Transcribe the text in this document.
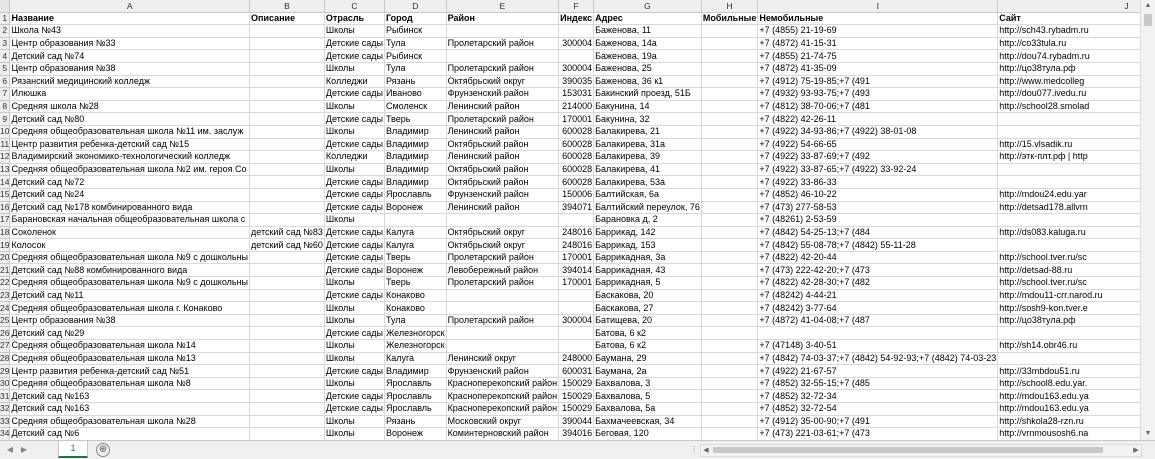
	A	B	C	D	E	F	G	H	I	J			
1	Название	Описание	Отрасль	Город	Район	Индекс	Адрес	Мобильные	Немобильные	Сайт			
2	Школа №43		Школы	Рыбинск			Баженова, 11		+7 (4855) 21-19-69	http://sch43.rybadm.ru			
3	Центр образования №33		Детские сады	Тула	Пролетарский район	300004	Баженова, 14а		+7 (4872) 41-15-31	http://co33tula.ru			
4	Детский сад №74		Детские сады	Рыбинск			Баженова, 19а		+7 (4855) 21-74-75	http://dou74.rybadm.ru			
5	Центр образования №38		Школы	Тула	Пролетарский район	300004	Баженова, 25		+7 (4872) 41-35-09	http://цо38тула.рф			
6	Рязанский медицинский колледж		Колледжи	Рязань	Октябрьский округ	390035	Баженова, 36 к1		+7 (4912) 75-19-85;+7 (491	http://www.medcolleg			
7	Илюшка		Детские сады	Иваново	Фрунзенский район	153031	Бакинский проезд, 51Б		+7 (4932) 93-93-75;+7 (493	http://dou077.ivedu.ru			
8	Средняя школа №28		Школы	Смоленск	Ленинский район	214000	Бакунина, 14		+7 (4812) 38-70-06;+7 (481	http://school28.smolad			
9	Детский сад №80		Детские сады	Тверь	Пролетарский район	170001	Бакунина, 32		+7 (4822) 42-26-11				
10	Средняя общеобразовательная школа №11 им. заслуж		Школы	Владимир	Ленинский район	600028	Балакирева, 21		+7 (4922) 34-93-86;+7 (4922) 38-01-08				
11	Центр развития ребенка-детский сад №15		Детские сады	Владимир	Октябрьский район	600028	Балакирева, 31а		+7 (4922) 54-66-65	http://15.vlsadik.ru			
12	Владимирский экономико-технологический колледж		Колледжи	Владимир	Ленинский район	600028	Балакирева, 39		+7 (4922) 33-87-69;+7 (492	http://этк-плт.рф | http			
13	Средняя общеобразовательная школа №2 им. героя Со		Школы	Владимир	Октябрьский район	600028	Балакирева, 41		+7 (4922) 33-87-65;+7 (4922) 33-92-24				
14	Детский сад №72		Детские сады	Владимир	Октябрьский район	600028	Балакирева, 53а		+7 (4922) 33-86-33				
15	Детский сад №24		Детские сады	Ярославль	Фрунзенский район	150006	Балтийская, 6а		+7 (4852) 46-10-22	http://mdou24.edu.yar			
16	Детский сад №178 комбинированного вида		Детские сады	Воронеж	Ленинский район	394071	Балтийский переулок, 76		+7 (473) 277-58-53	http://detsad178.allvrn			
17	Барановская начальная общеобразовательная школа с		Школы				Барановка д, 2		+7 (48261) 2-53-59				
18	Соколенок	детский сад №83	Детские сады	Калуга	Октябрьский округ	248016	Баррикад, 142		+7 (4842) 54-25-13;+7 (484	http://ds083.kaluga.ru			
19	Колосок	детский сад №60	Детские сады	Калуга	Октябрьский округ	248016	Баррикад, 153		+7 (4842) 55-08-78;+7 (4842) 55-11-28				
20	Средняя общеобразовательная школа №9 с дошкольны		Детские сады	Тверь	Пролетарский район	170001	Баррикадная, 3а		+7 (4822) 42-20-44	http://school.tver.ru/sc			
21	Детский сад №88 комбинированного вида		Детские сады	Воронеж	Левобережный район	394014	Баррикадная, 43		+7 (473) 222-42-20;+7 (473	http://detsad-88.ru			
22	Средняя общеобразовательная школа №9 с дошкольны		Школы	Тверь	Пролетарский район	170001	Баррикадная, 5		+7 (4822) 42-28-30;+7 (482	http://school.tver.ru/sc			
23	Детский сад №11		Детские сады	Конаково			Баскакова, 20		+7 (48242) 4-44-21	http://mdou11-crr.narod.ru			
24	Средняя общеобразовательная школа г. Конаково		Школы	Конаково			Баскакова, 27		+7 (48242) 3-77-64	http://sosh9-kon.tver.e			
25	Центр образования №38		Школы	Тула	Пролетарский район	300004	Батищева, 20		+7 (4872) 41-04-08;+7 (487	http://цо38тула.рф			
26	Детский сад №29		Детские сады	Железногорск			Батова, 6 к2						
27	Средняя общеобразовательная школа №14		Школы	Железногорск			Батова, 6 к2		+7 (47148) 3-40-51	http://sh14.obr46.ru			
28	Средняя общеобразовательная школа №13		Школы	Калуга	Ленинский округ	248000	Баумана, 29		+7 (4842) 74-03-37;+7 (4842) 54-92-93;+7 (4842) 74-03-23				
29	Центр развития ребенка-детский сад №51		Детские сады	Владимир	Фрунзенский район	600031	Баумана, 2а		+7 (4922) 21-67-57	http://33mbdou51.ru			
30	Средняя общеобразовательная школа №8		Школы	Ярославль	Красноперекопский район	150029	Бахвалова, 3		+7 (4852) 32-55-15;+7 (485	http://school8.edu.yar.			
31	Детский сад №163		Детские сады	Ярославль	Красноперекопский район	150029	Бахвалова, 5		+7 (4852) 32-72-34	http://mdou163.edu.ya			
32	Детский сад №163		Детские сады	Ярославль	Красноперекопский район	150029	Бахвалова, 5а		+7 (4852) 32-72-54	http://mdou163.edu.ya			
33	Средняя общеобразовательная школа №28		Школы	Рязань	Московский округ	390044	Бахмачеевская, 34		+7 (4912) 35-00-90;+7 (491	http://shkola28-rzn.ru			
34	Детский сад №6		Школы	Воронеж	Коминтерновский район	394016	Беговая, 120		+7 (473) 221-03-61;+7 (473	http://vrnmousosh6.na			

▲
▼
◀ ▶	1	⊕	⋮ ◀	▶
